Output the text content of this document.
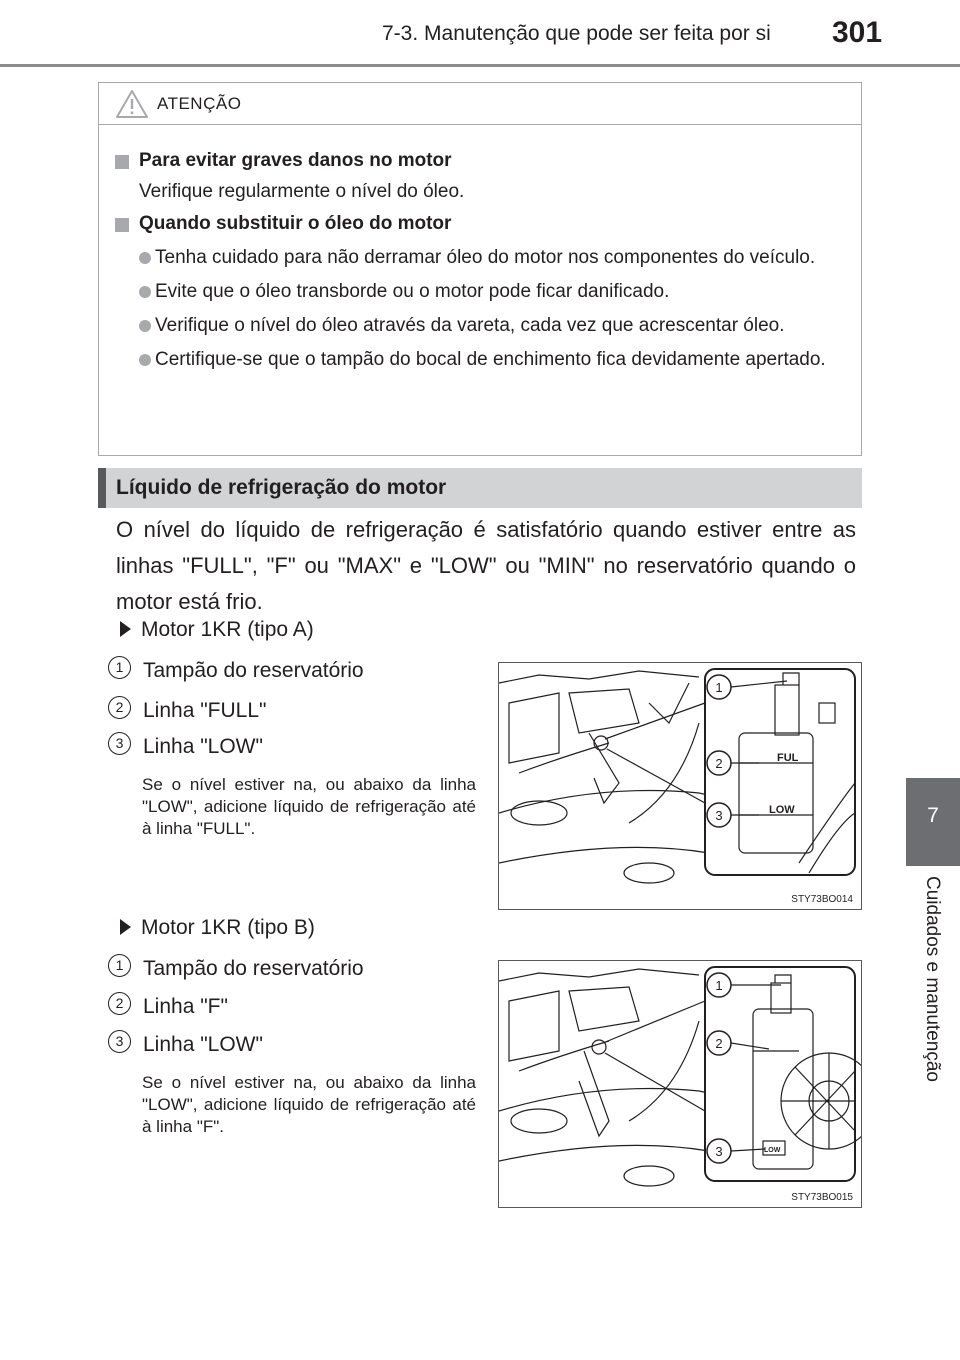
7-3. Manutenção que pode ser feita por si 301
7
Cuidados e manutenção
ATENÇÃO
Para evitar graves danos no motor
Verifique regularmente o nível do óleo.
Quando substituir o óleo do motor
Tenha cuidado para não derramar óleo do motor nos componentes do veículo.
Evite que o óleo transborde ou o motor pode ficar danificado.
Verifique o nível do óleo através da vareta, cada vez que acrescentar óleo.
Certifique-se que o tampão do bocal de enchimento fica devidamente apertado.
Líquido de refrigeração do motor
O nível do líquido de refrigeração é satisfatório quando estiver entre as linhas "FULL", "F" ou "MAX" e "LOW" ou "MIN" no reservatório quando o motor está frio.
Motor 1KR (tipo A)
1 Tampão do reservatório
2 Linha "FULL"
3 Linha "LOW"
Se o nível estiver na, ou abaixo da linha "LOW", adicione líquido de refrigeração até à linha "FULL".
FUL
LOW
1
2
3
STY73BO014
Motor 1KR (tipo B)
1 Tampão do reservatório
2 Linha "F"
3 Linha "LOW"
Se o nível estiver na, ou abaixo da linha "LOW", adicione líquido de refrigeração até à linha "F".
LOW
1
2
3
STY73BO015
